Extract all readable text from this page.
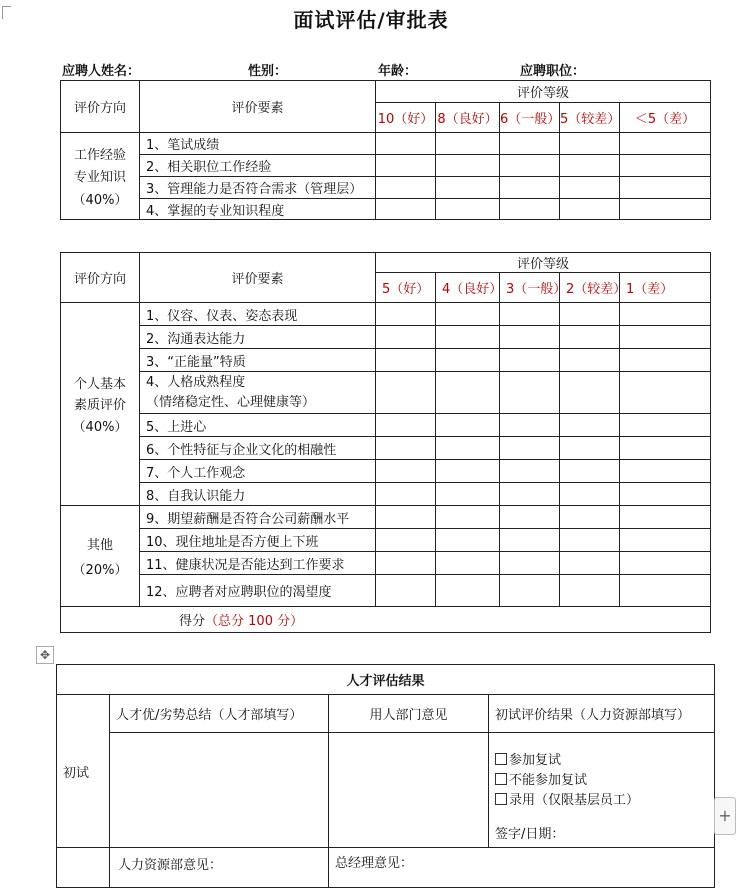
面试评估/审批表
应聘人姓名：	性别：	年龄：	应聘职位：
评价方向	评价要素	评价等级				
		10（好）	8（良好）	6（一般）	5（较差）	＜5（差）

工作经验专业知识
（40%）	1、笔试成绩					
	2、相关职位工作经验					
	3、管理能力是否符合需求（管理层）					
	4、掌握的专业知识程度					
评价方向	评价要素	评价等级				
		5（好）	4（良好）	3（一般）	2（较差）	1（差）

个人基本素质评价
（40%）	1、仪容、仪表、姿态表现					
	2、沟通表达能力					
	3、“正能量”特质					

	4、人格成熟程度
（情绪稳定性、心理健康等）					

	5、上进心					
	6、个性特征与企业文化的相融性					
	7、个人工作观念					
	8、自我认识能力					

其他
（20%）	9、期望薪酬是否符合公司薪酬水平					
	10、现住地址是否方便上下班					
	11、健康状况是否能达到工作要求					
	12、应聘者对应聘职位的渴望度					
得分（总分 100 分）						
✥
人才评估结果			
初试	人才优/劣势总结（人才部填写）	用人部门意见	初试评价结果（人力资源部填写）

			参加复试
不能参加复试
录用（仅限基层员工）
签字/日期：

	人力资源部意见：	总经理意见：	
+
